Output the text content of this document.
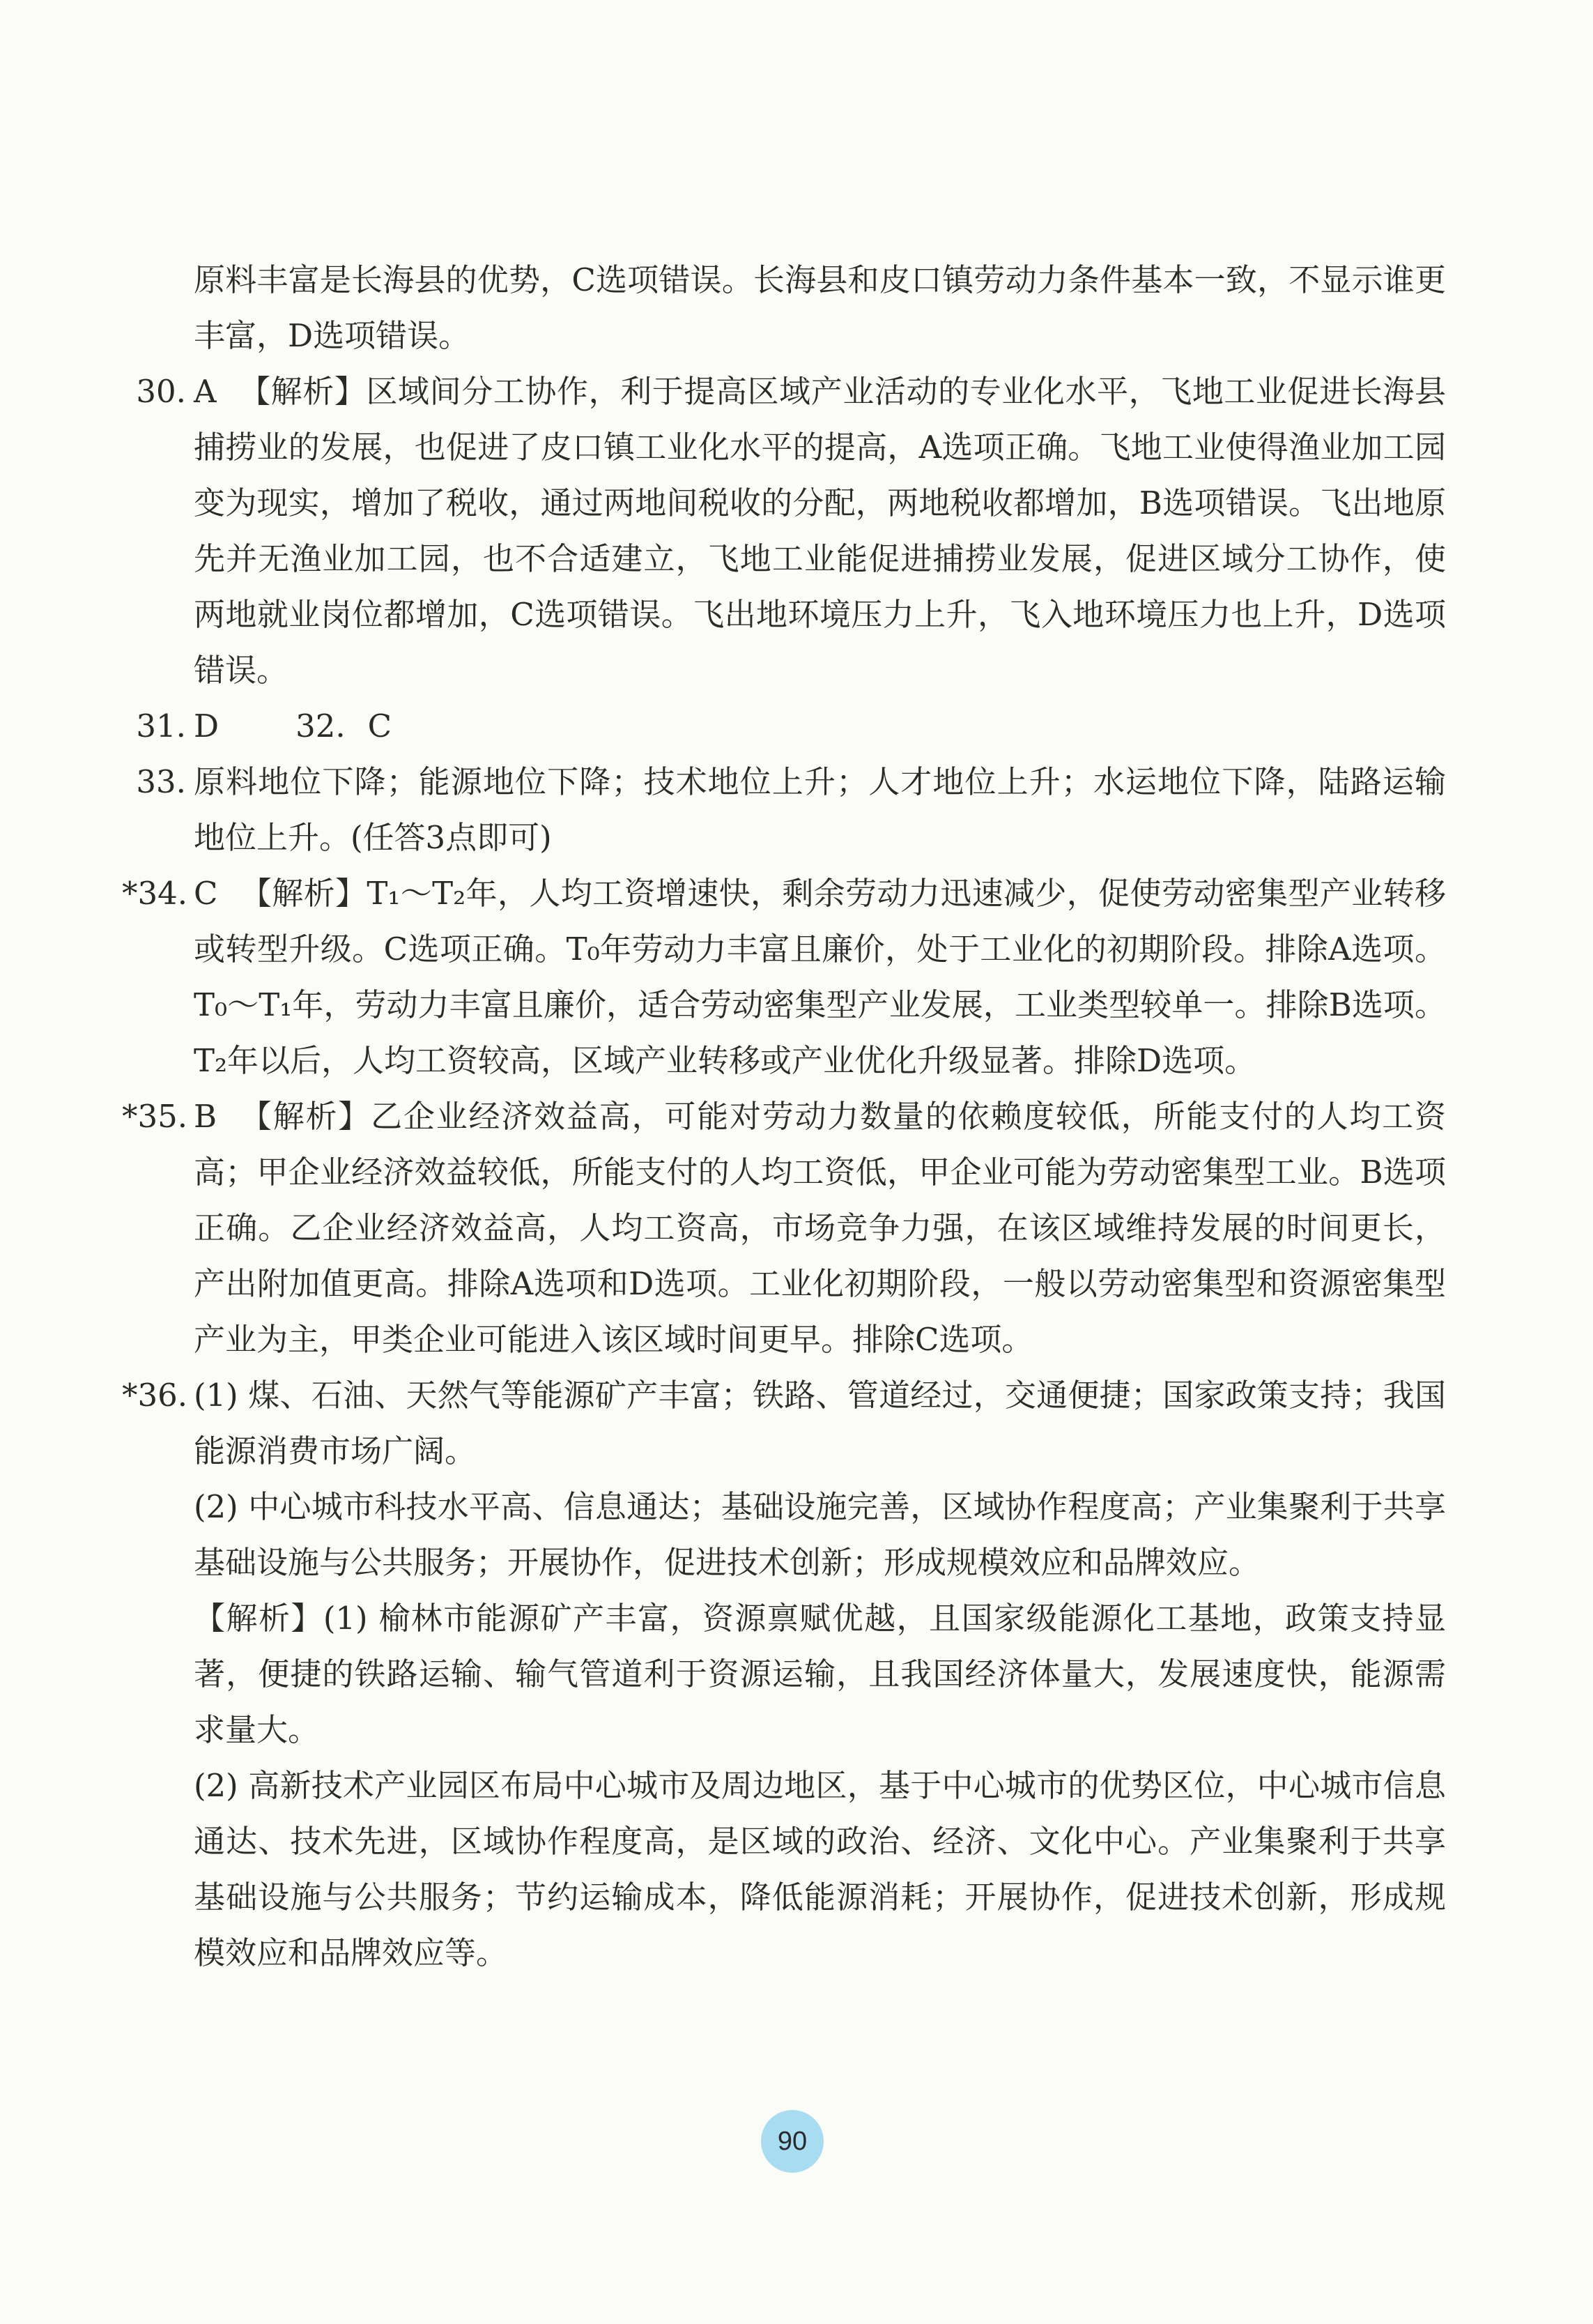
原料丰富是长海县的优势，C选项错误。长海县和皮口镇劳动力条件基本一致，不显示谁更丰富，D选项错误。
30. A 【解析】区域间分工协作，利于提高区域产业活动的专业化水平，飞地工业促进长海县捕捞业的发展，也促进了皮口镇工业化水平的提高，A选项正确。飞地工业使得渔业加工园变为现实，增加了税收，通过两地间税收的分配，两地税收都增加，B选项错误。飞出地原先并无渔业加工园，也不合适建立，飞地工业能促进捕捞业发展，促进区域分工协作，使两地就业岗位都增加，C选项错误。飞出地环境压力上升，飞入地环境压力也上升，D选项错误。
31. D 32. C
33. 原料地位下降；能源地位下降；技术地位上升；人才地位上升；水运地位下降，陆路运输地位上升。(任答3点即可)
*34. C 【解析】T₁～T₂年，人均工资增速快，剩余劳动力迅速减少，促使劳动密集型产业转移或转型升级。C选项正确。T₀年劳动力丰富且廉价，处于工业化的初期阶段。排除A选项。T₀～T₁年，劳动力丰富且廉价，适合劳动密集型产业发展，工业类型较单一。排除B选项。T₂年以后，人均工资较高，区域产业转移或产业优化升级显著。排除D选项。
*35. B 【解析】乙企业经济效益高，可能对劳动力数量的依赖度较低，所能支付的人均工资高；甲企业经济效益较低，所能支付的人均工资低，甲企业可能为劳动密集型工业。B选项正确。乙企业经济效益高，人均工资高，市场竞争力强，在该区域维持发展的时间更长，产出附加值更高。排除A选项和D选项。工业化初期阶段，一般以劳动密集型和资源密集型产业为主，甲类企业可能进入该区域时间更早。排除C选项。
*36. (1) 煤、石油、天然气等能源矿产丰富；铁路、管道经过，交通便捷；国家政策支持；我国能源消费市场广阔。
(2) 中心城市科技水平高、信息通达；基础设施完善，区域协作程度高；产业集聚利于共享基础设施与公共服务；开展协作，促进技术创新；形成规模效应和品牌效应。
【解析】(1) 榆林市能源矿产丰富，资源禀赋优越，且国家级能源化工基地，政策支持显著，便捷的铁路运输、输气管道利于资源运输，且我国经济体量大，发展速度快，能源需求量大。
(2) 高新技术产业园区布局中心城市及周边地区，基于中心城市的优势区位，中心城市信息通达、技术先进，区域协作程度高，是区域的政治、经济、文化中心。产业集聚利于共享基础设施与公共服务；节约运输成本，降低能源消耗；开展协作，促进技术创新，形成规模效应和品牌效应等。
90
